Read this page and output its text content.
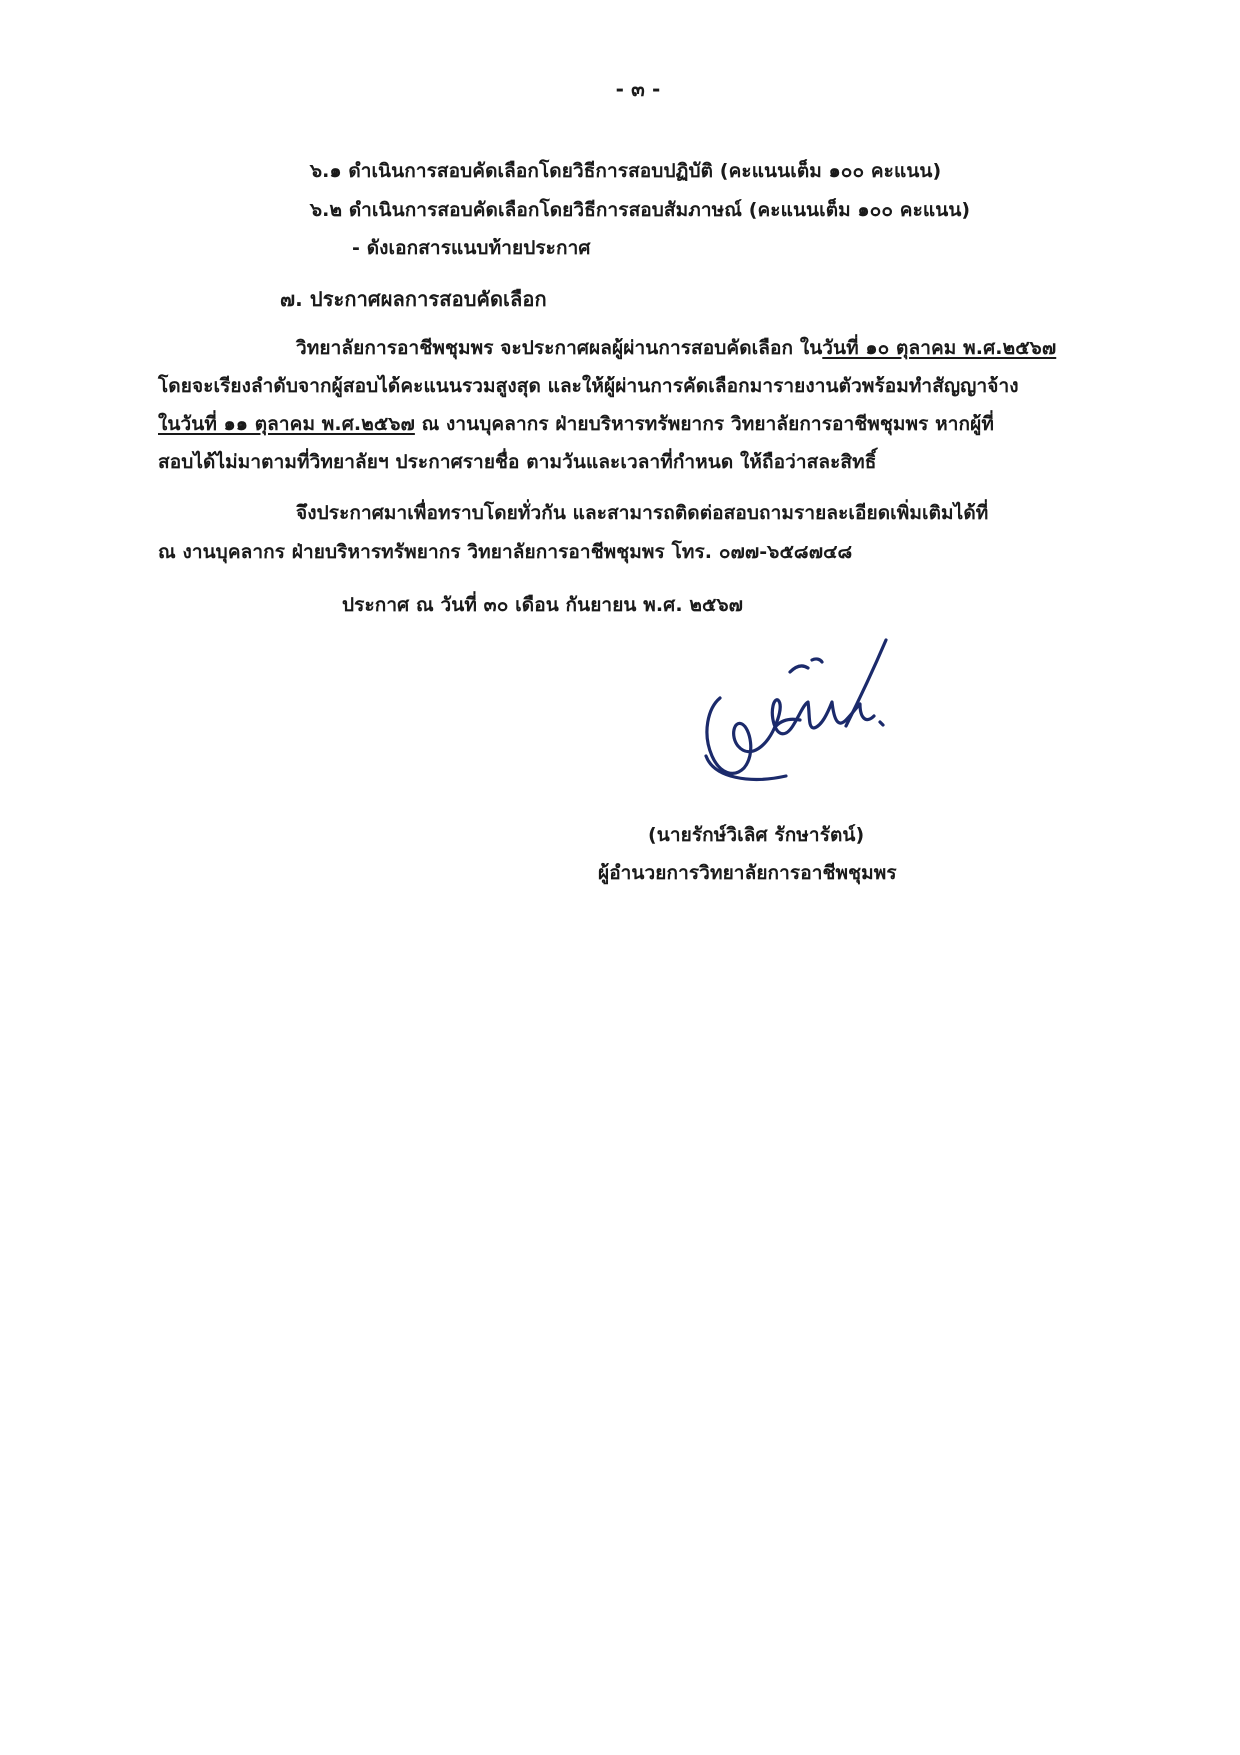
- ๓ -
๖.๑ ดำเนินการสอบคัดเลือกโดยวิธีการสอบปฏิบัติ (คะแนนเต็ม ๑๐๐ คะแนน)
๖.๒ ดำเนินการสอบคัดเลือกโดยวิธีการสอบสัมภาษณ์ (คะแนนเต็ม ๑๐๐ คะแนน)
- ดังเอกสารแนบท้ายประกาศ
๗. ประกาศผลการสอบคัดเลือก
วิทยาลัยการอาชีพชุมพร จะประกาศผลผู้ผ่านการสอบคัดเลือก ในวันที่ ๑๐ ตุลาคม พ.ศ.๒๕๖๗
โดยจะเรียงลำดับจากผู้สอบได้คะแนนรวมสูงสุด และให้ผู้ผ่านการคัดเลือกมารายงานตัวพร้อมทำสัญญาจ้าง
ในวันที่ ๑๑ ตุลาคม พ.ศ.๒๕๖๗ ณ งานบุคลากร ฝ่ายบริหารทรัพยากร วิทยาลัยการอาชีพชุมพร หากผู้ที่
สอบได้ไม่มาตามที่วิทยาลัยฯ ประกาศรายชื่อ ตามวันและเวลาที่กำหนด ให้ถือว่าสละสิทธิ์
จึงประกาศมาเพื่อทราบโดยทั่วกัน และสามารถติดต่อสอบถามรายละเอียดเพิ่มเติมได้ที่
ณ งานบุคลากร ฝ่ายบริหารทรัพยากร วิทยาลัยการอาชีพชุมพร โทร. ๐๗๗-๖๕๘๗๔๘
ประกาศ ณ วันที่ ๓๐ เดือน กันยายน พ.ศ. ๒๕๖๗
(นายรักษ์วิเลิศ รักษารัตน์)
ผู้อำนวยการวิทยาลัยการอาชีพชุมพร
